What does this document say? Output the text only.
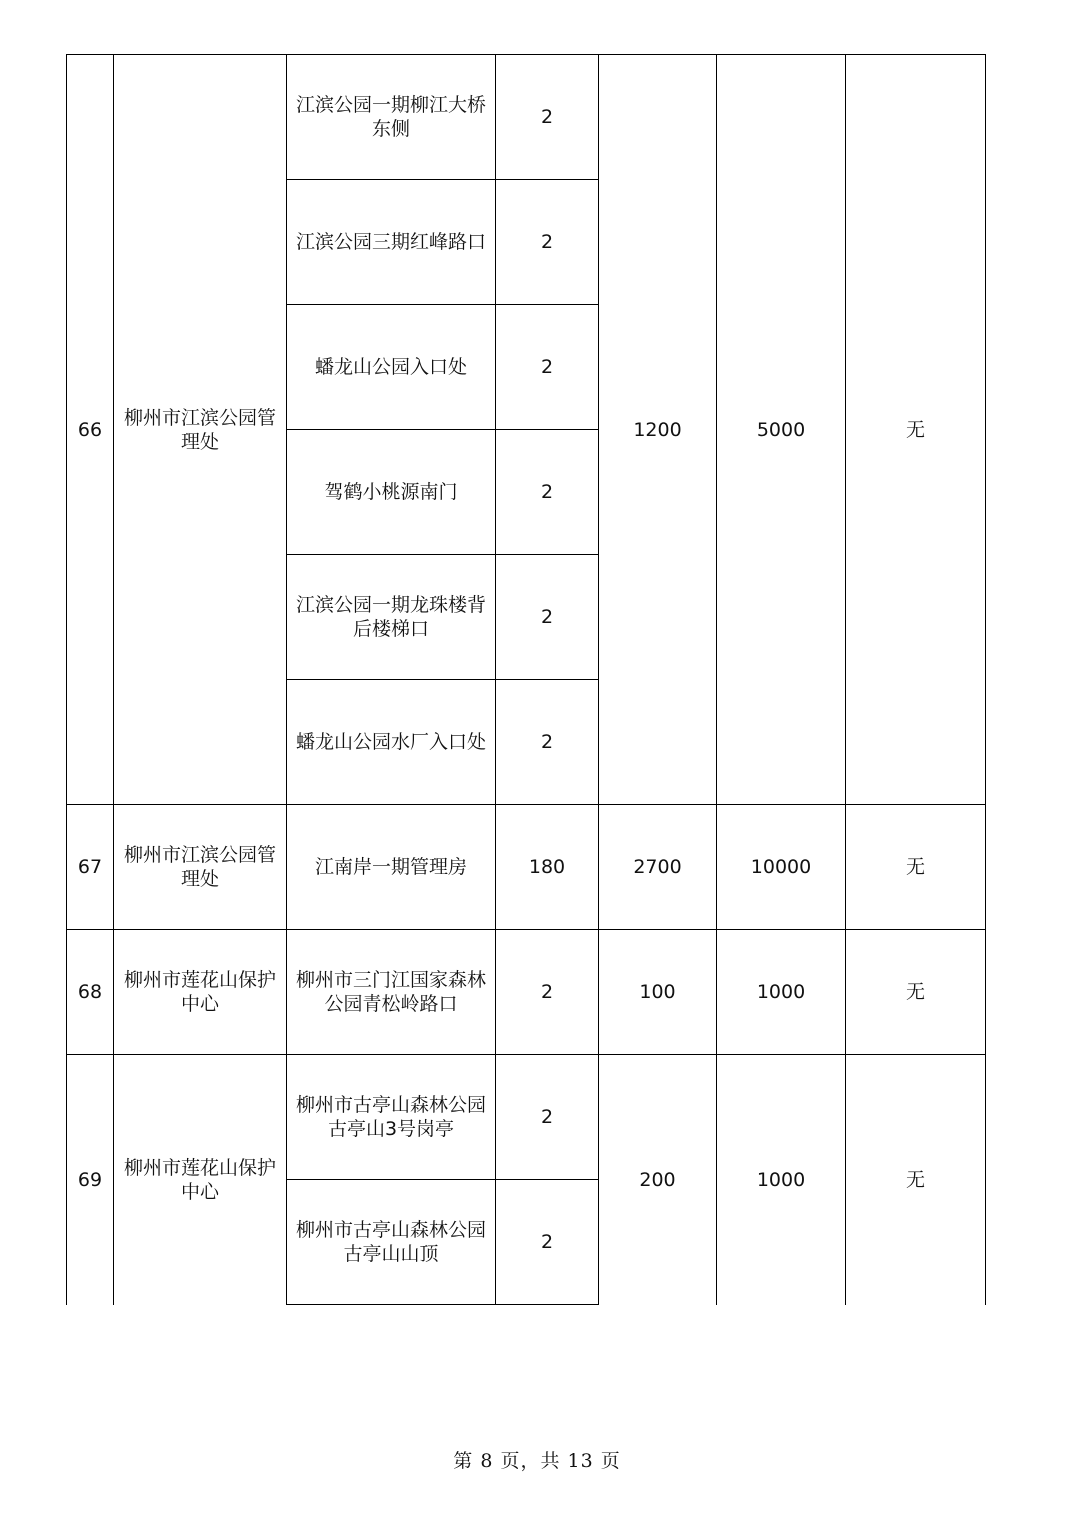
66	柳州市江滨公园管理处	江滨公园一期柳江大桥东侧	2	1200	5000	无
		江滨公园三期红峰路口	2			
		蟠龙山公园入口处	2			
		驾鹤小桃源南门	2			
		江滨公园一期龙珠楼背后楼梯口	2			
		蟠龙山公园水厂入口处	2			
67	柳州市江滨公园管理处	江南岸一期管理房	180	2700	10000	无
68	柳州市莲花山保护中心	柳州市三门江国家森林公园青松岭路口	2	100	1000	无
69	柳州市莲花山保护中心	柳州市古亭山森林公园古亭山3号岗亭	2	200	1000	无
		柳州市古亭山森林公园古亭山山顶	2			
第 8 页，共 13 页
